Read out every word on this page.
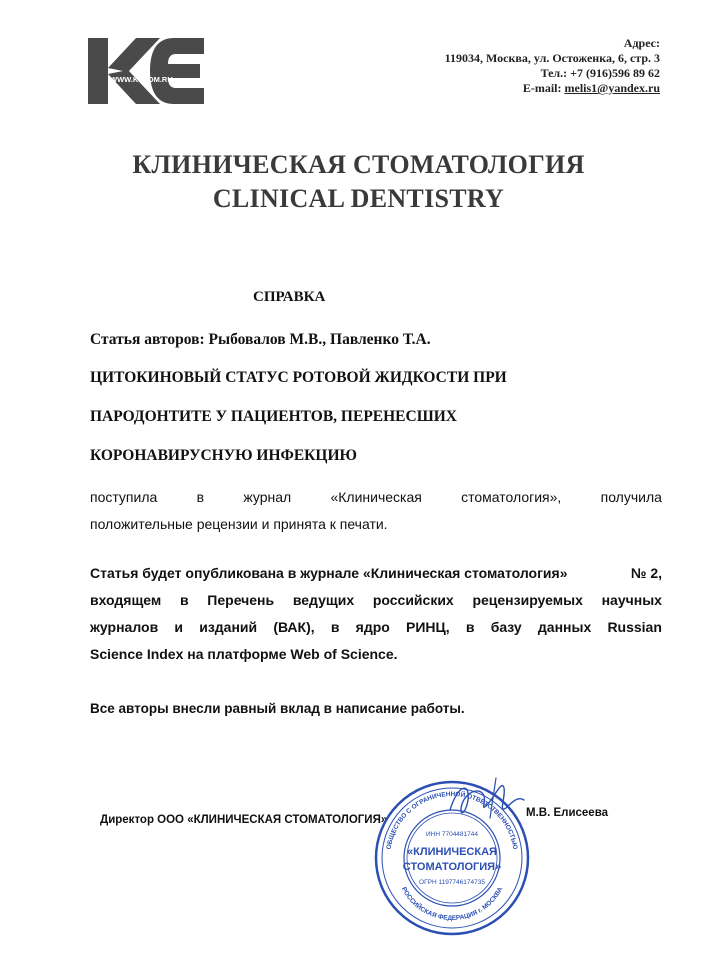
WWW.KSTOM.RU
Адрес:
119034, Москва, ул. Остоженка, 6, стр. 3
Тел.: +7 (916)596 89 62
E-mail: melis1@yandex.ru
КЛИНИЧЕСКАЯ СТОМАТОЛОГИЯ
CLINICAL DENTISTRY
СПРАВКА
Статья авторов: Рыбовалов М.В., Павленко Т.А.
ЦИТОКИНОВЫЙ СТАТУС РОТОВОЙ ЖИДКОСТИ ПРИ
ПАРОДОНТИТЕ У ПАЦИЕНТОВ, ПЕРЕНЕСШИХ
КОРОНАВИРУСНУЮ ИНФЕКЦИЮ
поступила	в	журнал	«Клиническая	стоматология»,	получила
положительные рецензии и принята к печати.
Статья будет опубликована в журнале «Клиническая стоматология»	№ 2,
входящем в Перечень ведущих российских рецензируемых научных
журналов и изданий (ВАК), в ядро РИНЦ, в базу данных Russian
Science Index на платформе Web of Science.
Все авторы внесли равный вклад в написание работы.
Директор ООО «КЛИНИЧЕСКАЯ СТОМАТОЛОГИЯ»
М.В. Елисеева
ОБЩЕСТВО С ОГРАНИЧЕННОЙ ОТВЕТСТВЕННОСТЬЮ
РОССИЙСКАЯ ФЕДЕРАЦИЯ г. МОСКВА
ИНН 7704481744
«КЛИНИЧЕСКАЯ
СТОМАТОЛОГИЯ»
ОГРН 1197746174735
